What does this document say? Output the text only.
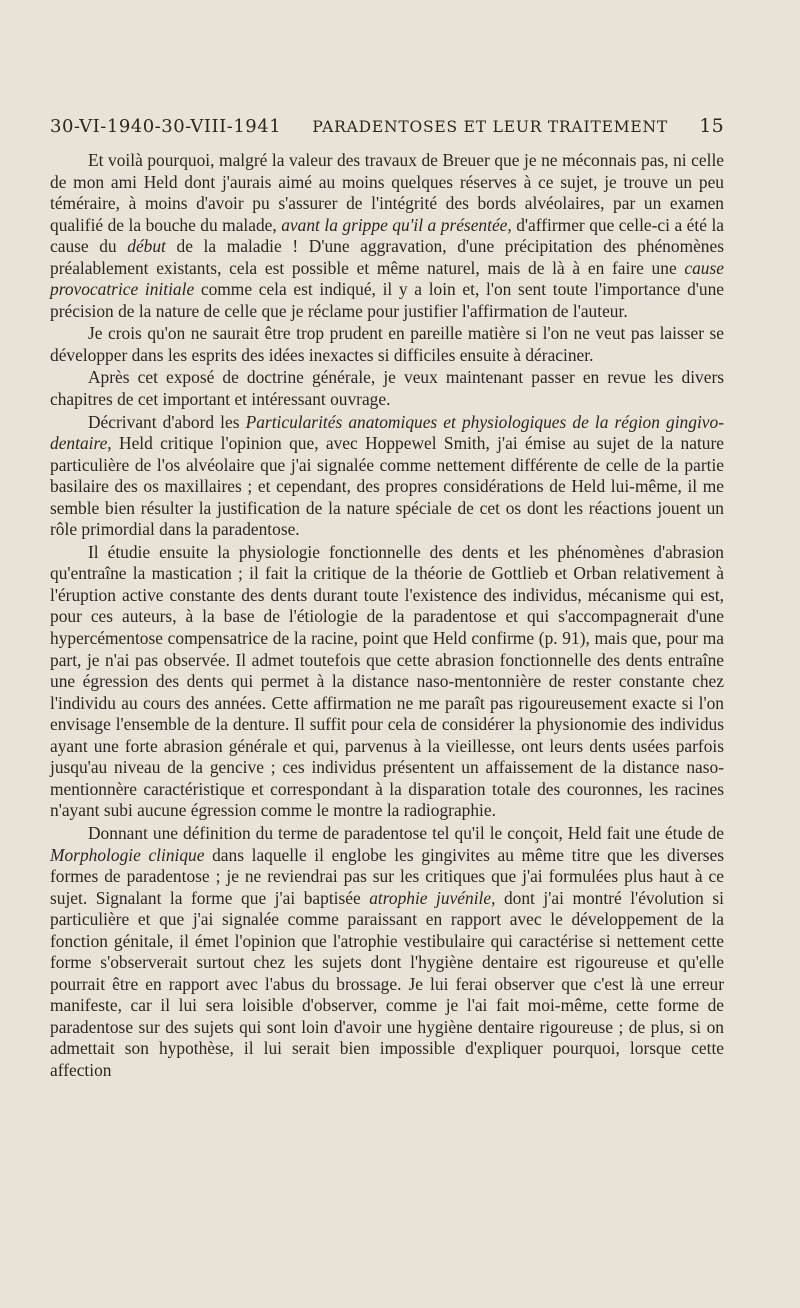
30-VI-1940-30-VIII-1941 PARADENTOSES ET LEUR TRAITEMENT 15

Et voilà pourquoi, malgré la valeur des travaux de Breuer que je ne méconnais pas, ni celle de mon ami Held dont j'aurais aimé au moins quelques réserves à ce sujet, je trouve un peu téméraire, à moins d'avoir pu s'assurer de l'intégrité des bords alvéolaires, par un examen qualifié de la bouche du malade, avant la grippe qu'il a présentée, d'affirmer que celle-ci a été la cause du début de la maladie ! D'une aggravation, d'une précipitation des phénomènes préalablement existants, cela est possible et même naturel, mais de là à en faire une cause provocatrice initiale comme cela est indiqué, il y a loin et, l'on sent toute l'importance d'une précision de la nature de celle que je réclame pour justifier l'affirmation de l'auteur.

Je crois qu'on ne saurait être trop prudent en pareille matière si l'on ne veut pas laisser se développer dans les esprits des idées inexactes si difficiles ensuite à déraciner.

Après cet exposé de doctrine générale, je veux maintenant passer en revue les divers chapitres de cet important et intéressant ouvrage.

Décrivant d'abord les Particularités anatomiques et physiologiques de la région gingivo-dentaire, Held critique l'opinion que, avec Hoppewel Smith, j'ai émise au sujet de la nature particulière de l'os alvéolaire que j'ai signalée comme nettement différente de celle de la partie basilaire des os maxillaires ; et cependant, des propres considérations de Held lui-même, il me semble bien résulter la justification de la nature spéciale de cet os dont les réactions jouent un rôle primordial dans la paradentose.

Il étudie ensuite la physiologie fonctionnelle des dents et les phénomènes d'abrasion qu'entraîne la mastication ; il fait la critique de la théorie de Gottlieb et Orban relativement à l'éruption active constante des dents durant toute l'existence des individus, mécanisme qui est, pour ces auteurs, à la base de l'étiologie de la paradentose et qui s'accompagnerait d'une hypercémentose compensatrice de la racine, point que Held confirme (p. 91), mais que, pour ma part, je n'ai pas observée. Il admet toutefois que cette abrasion fonctionnelle des dents entraîne une égression des dents qui permet à la distance naso-mentonnière de rester constante chez l'individu au cours des années. Cette affirmation ne me paraît pas rigoureusement exacte si l'on envisage l'ensemble de la denture. Il suffit pour cela de considérer la physionomie des individus ayant une forte abrasion générale et qui, parvenus à la vieillesse, ont leurs dents usées parfois jusqu'au niveau de la gencive ; ces individus présentent un affaissement de la distance naso-mentionnère caractéristique et correspondant à la disparation totale des couronnes, les racines n'ayant subi aucune égression comme le montre la radiographie.

Donnant une définition du terme de paradentose tel qu'il le conçoit, Held fait une étude de Morphologie clinique dans laquelle il englobe les gingivites au même titre que les diverses formes de paradentose ; je ne reviendrai pas sur les critiques que j'ai formulées plus haut à ce sujet. Signalant la forme que j'ai baptisée atrophie juvénile, dont j'ai montré l'évolution si particulière et que j'ai signalée comme paraissant en rapport avec le développement de la fonction génitale, il émet l'opinion que l'atrophie vestibulaire qui caractérise si nettement cette forme s'observerait surtout chez les sujets dont l'hygiène dentaire est rigoureuse et qu'elle pourrait être en rapport avec l'abus du brossage. Je lui ferai observer que c'est là une erreur manifeste, car il lui sera loisible d'observer, comme je l'ai fait moi-même, cette forme de paradentose sur des sujets qui sont loin d'avoir une hygiène dentaire rigoureuse ; de plus, si on admettait son hypothèse, il lui serait bien impossible d'expliquer pourquoi, lorsque cette affection
